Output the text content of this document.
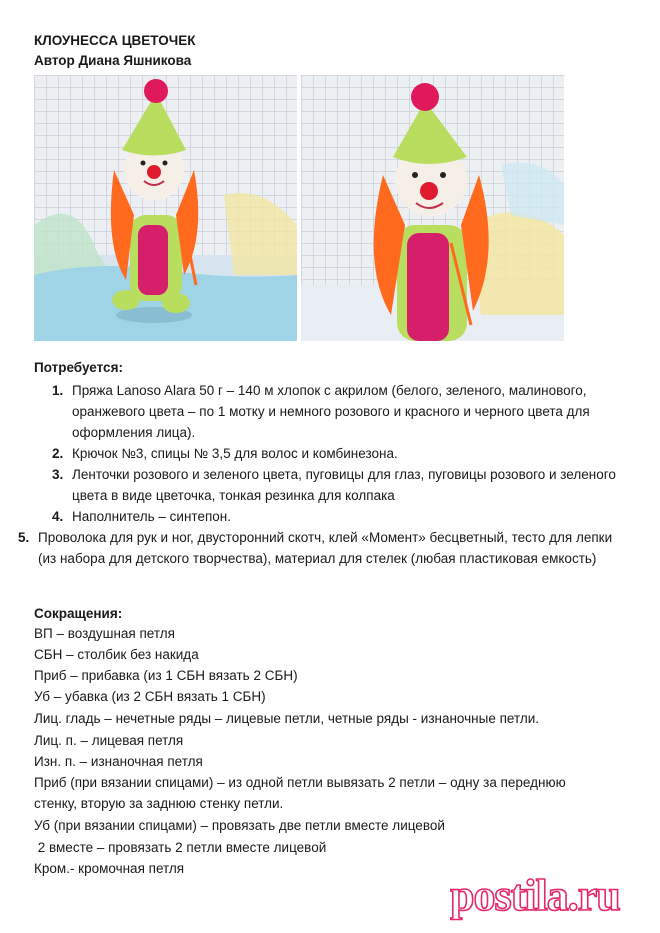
КЛОУНЕССА ЦВЕТОЧЕК
Автор Диана Яшникова
Потребуется:
1. Пряжа Lanoso Alara 50 г – 140 м хлопок с акрилом (белого, зеленого, малинового, оранжевого цвета – по 1 мотку и немного розового и красного и черного цвета для оформления лица).
2. Крючок №3, спицы № 3,5 для волос и комбинезона.
3. Ленточки розового и зеленого цвета, пуговицы для глаз, пуговицы розового и зеленого цвета в виде цветочка, тонкая резинка для колпака
4. Наполнитель – синтепон.
5. Проволока для рук и ног, двусторонний скотч, клей «Момент» бесцветный, тесто для лепки (из набора для детского творчества), материал для стелек (любая пластиковая емкость)
Сокращения:
ВП – воздушная петля
СБН – столбик без накида
Приб – прибавка (из 1 СБН вязать 2 СБН)
Уб – убавка (из 2 СБН вязать 1 СБН)
Лиц. гладь – нечетные ряды – лицевые петли, четные ряды - изнаночные петли.
Лиц. п. – лицевая петля
Изн. п. – изнаночная петля
Приб (при вязании спицами) – из одной петли вывязать 2 петли – одну за переднюю
стенку, вторую за заднюю стенку петли.
Уб (при вязании спицами) – провязать две петли вместе лицевой
2 вместе – провязать 2 петли вместе лицевой
Кром.- кромочная петля
postila.ru
